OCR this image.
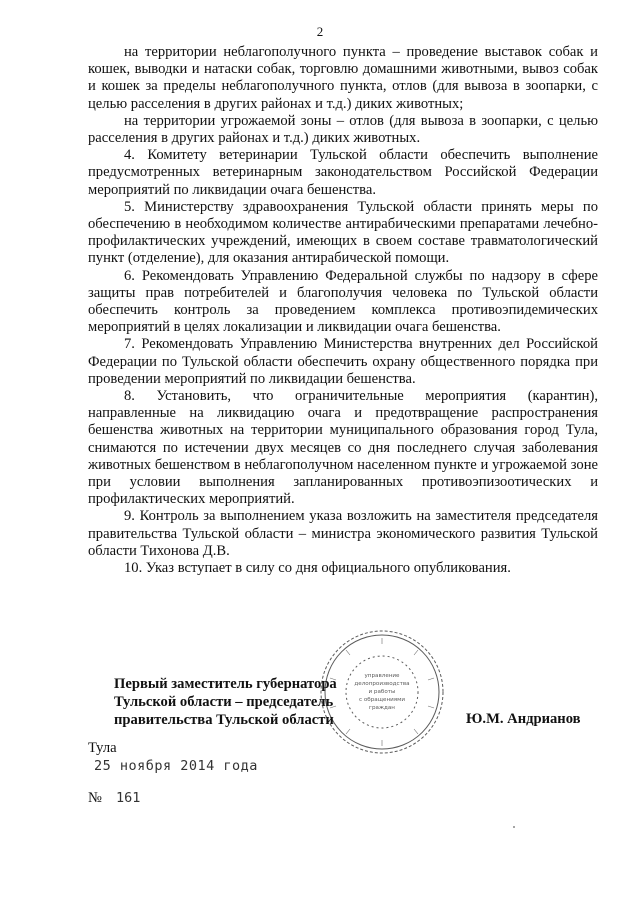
2

на территории неблагополучного пункта – проведение выставок собак и кошек, выводки и натаски собак, торговлю домашними животными, вывоз собак и кошек за пределы неблагополучного пункта, отлов (для вывоза в зоопарки, с целью расселения в других районах и т.д.) диких животных;

на территории угрожаемой зоны – отлов (для вывоза в зоопарки, с целью расселения в других районах и т.д.) диких животных.

4. Комитету ветеринарии Тульской области обеспечить выполнение предусмотренных ветеринарным законодательством Российской Федерации мероприятий по ликвидации очага бешенства.

5. Министерству здравоохранения Тульской области принять меры по обеспечению в необходимом количестве антирабическими препаратами лечебно-профилактических учреждений, имеющих в своем составе травматологический пункт (отделение), для оказания антирабической помощи.

6. Рекомендовать Управлению Федеральной службы по надзору в сфере защиты прав потребителей и благополучия человека по Тульской области обеспечить контроль за проведением комплекса противоэпидемических мероприятий в целях локализации и ликвидации очага бешенства.

7. Рекомендовать Управлению Министерства внутренних дел Российской Федерации по Тульской области обеспечить охрану общественного порядка при проведении мероприятий по ликвидации бешенства.

8. Установить, что ограничительные мероприятия (карантин), направленные на ликвидацию очага и предотвращение распространения бешенства животных на территории муниципального образования город Тула, снимаются по истечении двух месяцев со дня последнего случая заболевания животных бешенством в неблагополучном населенном пункте и угрожаемой зоне при условии выполнения запланированных противоэпизоотических и профилактических мероприятий.

9. Контроль за выполнением указа возложить на заместителя председателя правительства Тульской области – министра экономического развития Тульской области Тихонова Д.В.

10. Указ вступает в силу со дня официального опубликования.

управление
делопроизводства
и работы
с обращениями
граждан
Первый заместитель губернатора
Тульской области – председатель
правительства Тульской области	Ю.М. Андрианов
Тула
25 ноября 2014 года
№ 161
